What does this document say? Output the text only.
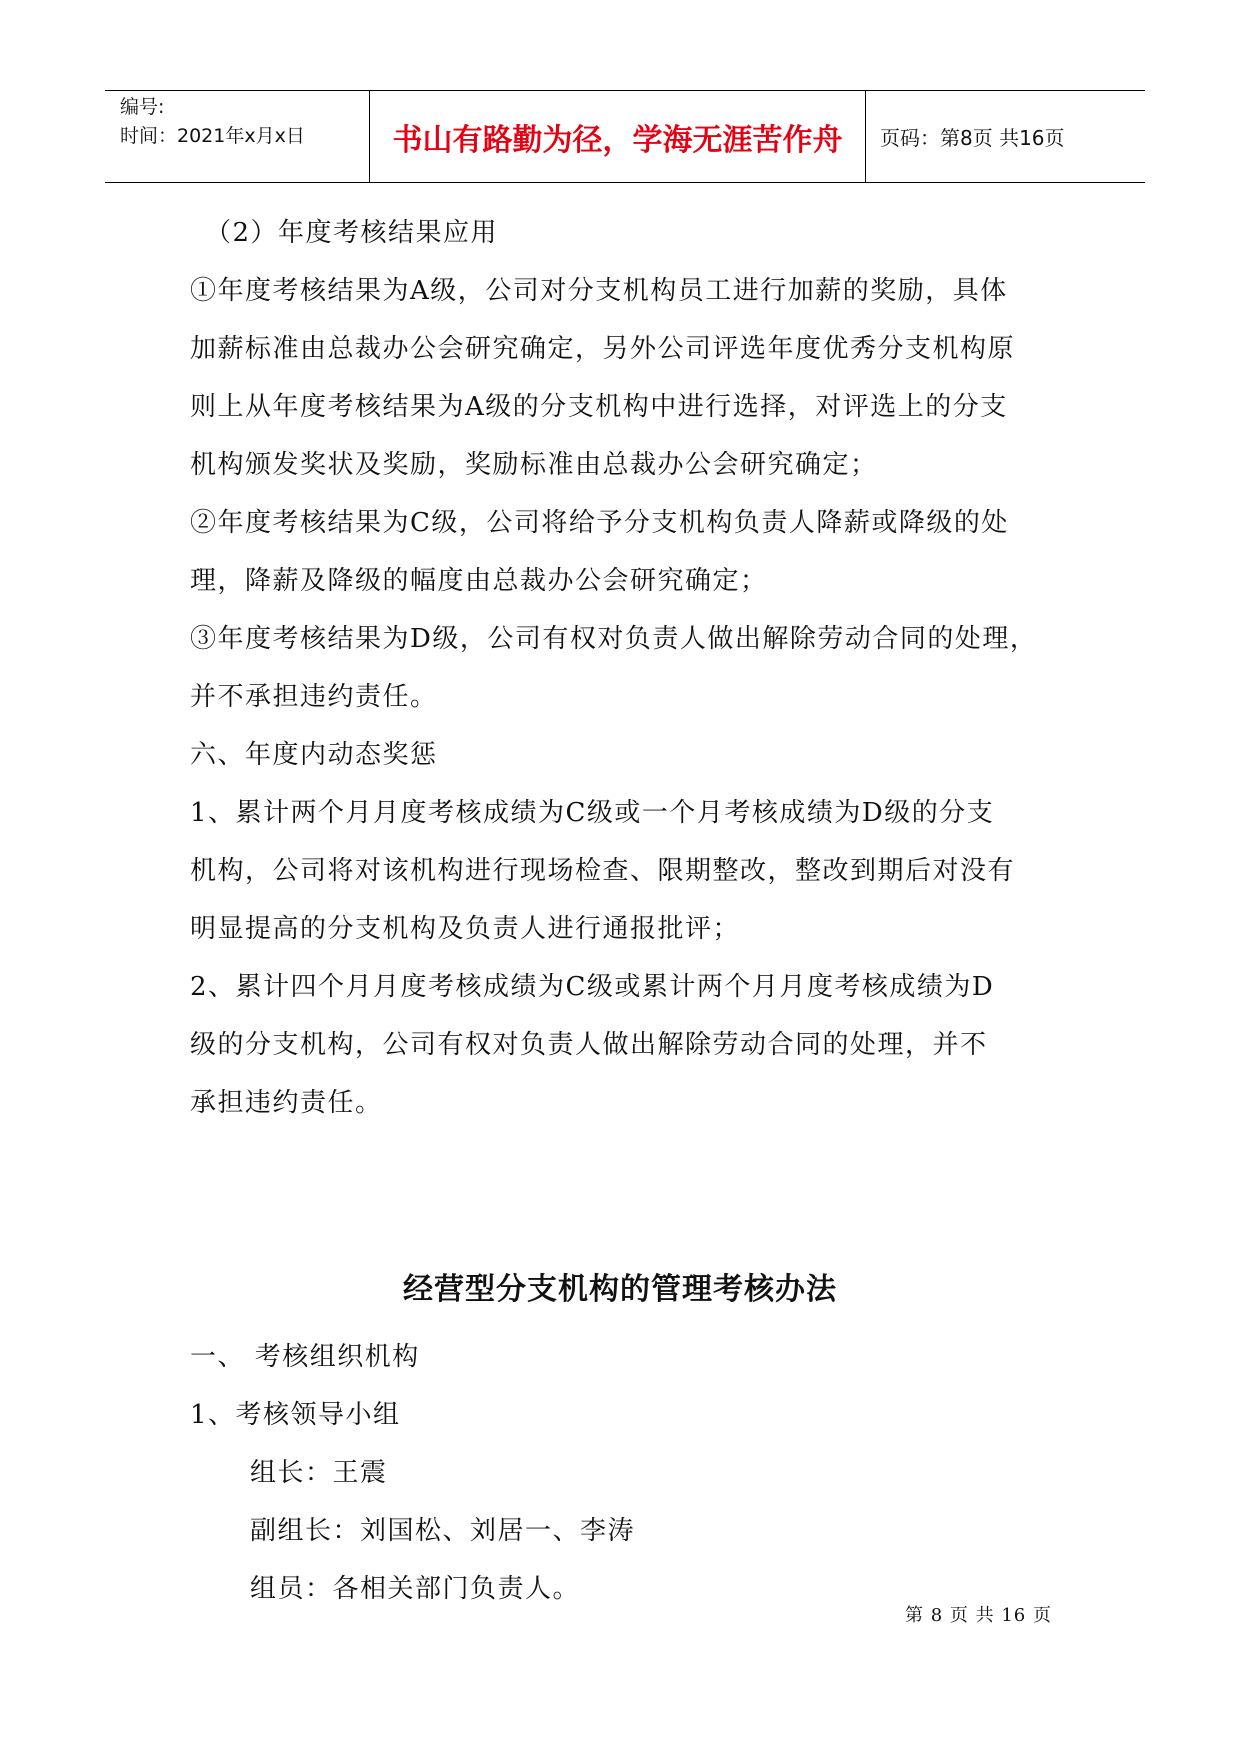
编号:
时间：2021年x月x日	书山有路勤为径，学海无涯苦作舟	页码：第8页 共16页
（2）年度考核结果应用
①年度考核结果为A级，公司对分支机构员工进行加薪的奖励，具体
加薪标准由总裁办公会研究确定，另外公司评选年度优秀分支机构原
则上从年度考核结果为A级的分支机构中进行选择，对评选上的分支
机构颁发奖状及奖励，奖励标准由总裁办公会研究确定；
②年度考核结果为C级，公司将给予分支机构负责人降薪或降级的处
理，降薪及降级的幅度由总裁办公会研究确定；
③年度考核结果为D级，公司有权对负责人做出解除劳动合同的处理，
并不承担违约责任。
六、年度内动态奖惩
1、累计两个月月度考核成绩为C级或一个月考核成绩为D级的分支
机构，公司将对该机构进行现场检查、限期整改，整改到期后对没有
明显提高的分支机构及负责人进行通报批评；
2、累计四个月月度考核成绩为C级或累计两个月月度考核成绩为D
级的分支机构，公司有权对负责人做出解除劳动合同的处理，并不
承担违约责任。
经营型分支机构的管理考核办法
一、 考核组织机构
1、考核领导小组
组长：王震
副组长：刘国松、刘居一、李涛
组员：各相关部门负责人。
第 8 页 共 16 页
